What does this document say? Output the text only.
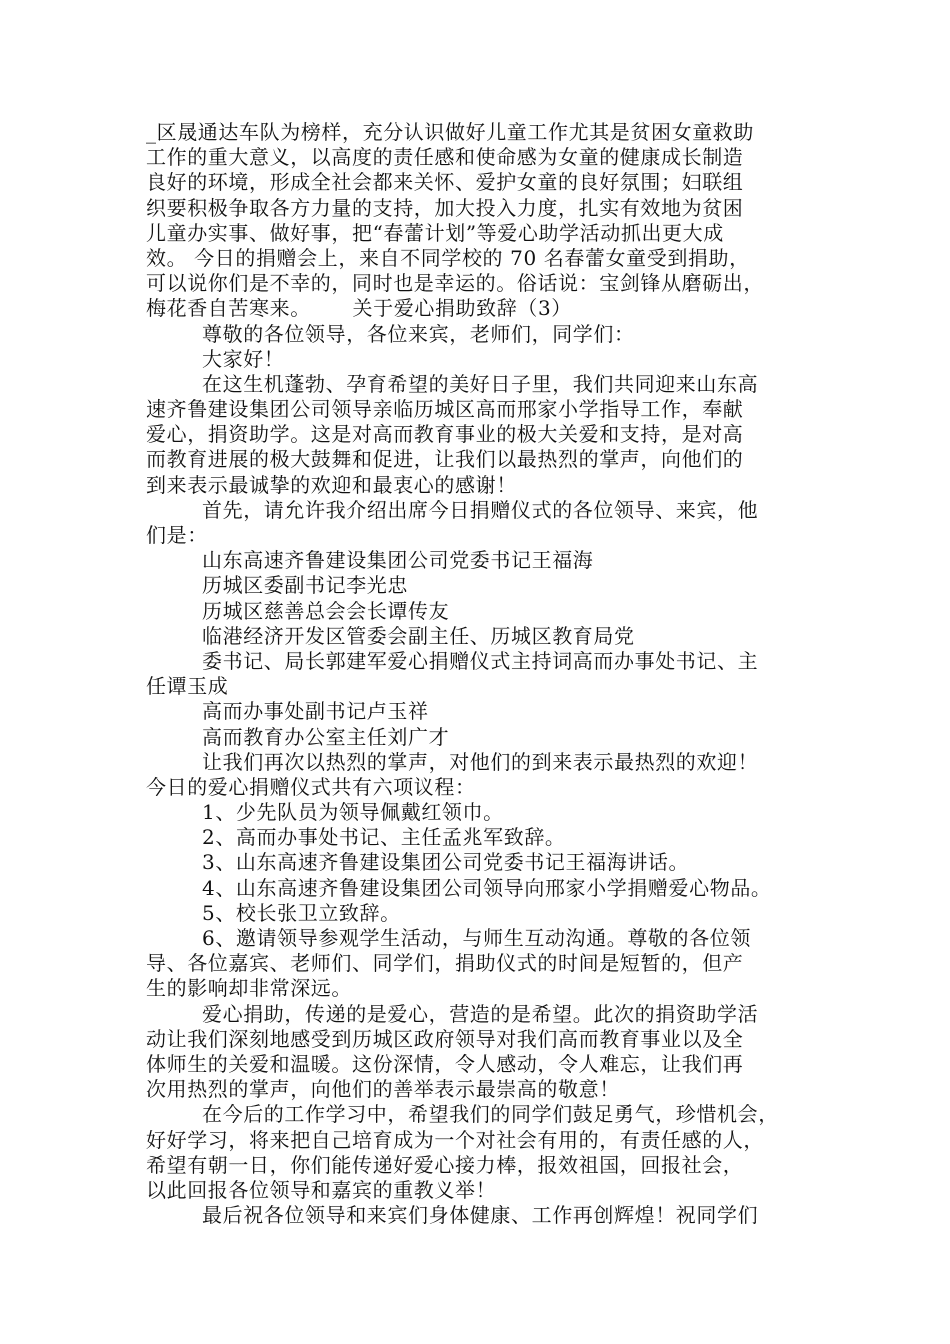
_区晟通达车队为榜样，充分认识做好儿童工作尤其是贫困女童救助
工作的重大意义，以高度的责任感和使命感为女童的健康成长制造
良好的环境，形成全社会都来关怀、爱护女童的良好氛围；妇联组
织要积极争取各方力量的支持，加大投入力度，扎实有效地为贫困
儿童办实事、做好事，把“春蕾计划”等爱心助学活动抓出更大成
效。 今日的捐赠会上，来自不同学校的 70 名春蕾女童受到捐助，
可以说你们是不幸的，同时也是幸运的。俗话说：宝剑锋从磨砺出，
梅花香自苦寒来。      关于爱心捐助致辞（3）
尊敬的各位领导，各位来宾，老师们，同学们：
大家好！
在这生机蓬勃、孕育希望的美好日子里，我们共同迎来山东高
速齐鲁建设集团公司领导亲临历城区高而邢家小学指导工作，奉献
爱心，捐资助学。这是对高而教育事业的极大关爱和支持，是对高
而教育进展的极大鼓舞和促进，让我们以最热烈的掌声，向他们的
到来表示最诚挚的欢迎和最衷心的感谢！
首先，请允许我介绍出席今日捐赠仪式的各位领导、来宾，他
们是：
山东高速齐鲁建设集团公司党委书记王福海
历城区委副书记李光忠
历城区慈善总会会长谭传友
临港经济开发区管委会副主任、历城区教育局党
委书记、局长郭建军爱心捐赠仪式主持词高而办事处书记、主
任谭玉成
高而办事处副书记卢玉祥
高而教育办公室主任刘广才
让我们再次以热烈的掌声，对他们的到来表示最热烈的欢迎！
今日的爱心捐赠仪式共有六项议程：
1、少先队员为领导佩戴红领巾。
2、高而办事处书记、主任孟兆军致辞。
3、山东高速齐鲁建设集团公司党委书记王福海讲话。
4、山东高速齐鲁建设集团公司领导向邢家小学捐赠爱心物品。
5、校长张卫立致辞。
6、邀请领导参观学生活动，与师生互动沟通。尊敬的各位领
导、各位嘉宾、老师们、同学们，捐助仪式的时间是短暂的，但产
生的影响却非常深远。
爱心捐助，传递的是爱心，营造的是希望。此次的捐资助学活
动让我们深刻地感受到历城区政府领导对我们高而教育事业以及全
体师生的关爱和温暖。这份深情，令人感动，令人难忘，让我们再
次用热烈的掌声，向他们的善举表示最崇高的敬意！
在今后的工作学习中，希望我们的同学们鼓足勇气，珍惜机会，
好好学习，将来把自己培育成为一个对社会有用的，有责任感的人，
希望有朝一日，你们能传递好爱心接力棒，报效祖国，回报社会，
以此回报各位领导和嘉宾的重教义举！
最后祝各位领导和来宾们身体健康、工作再创辉煌！祝同学们
